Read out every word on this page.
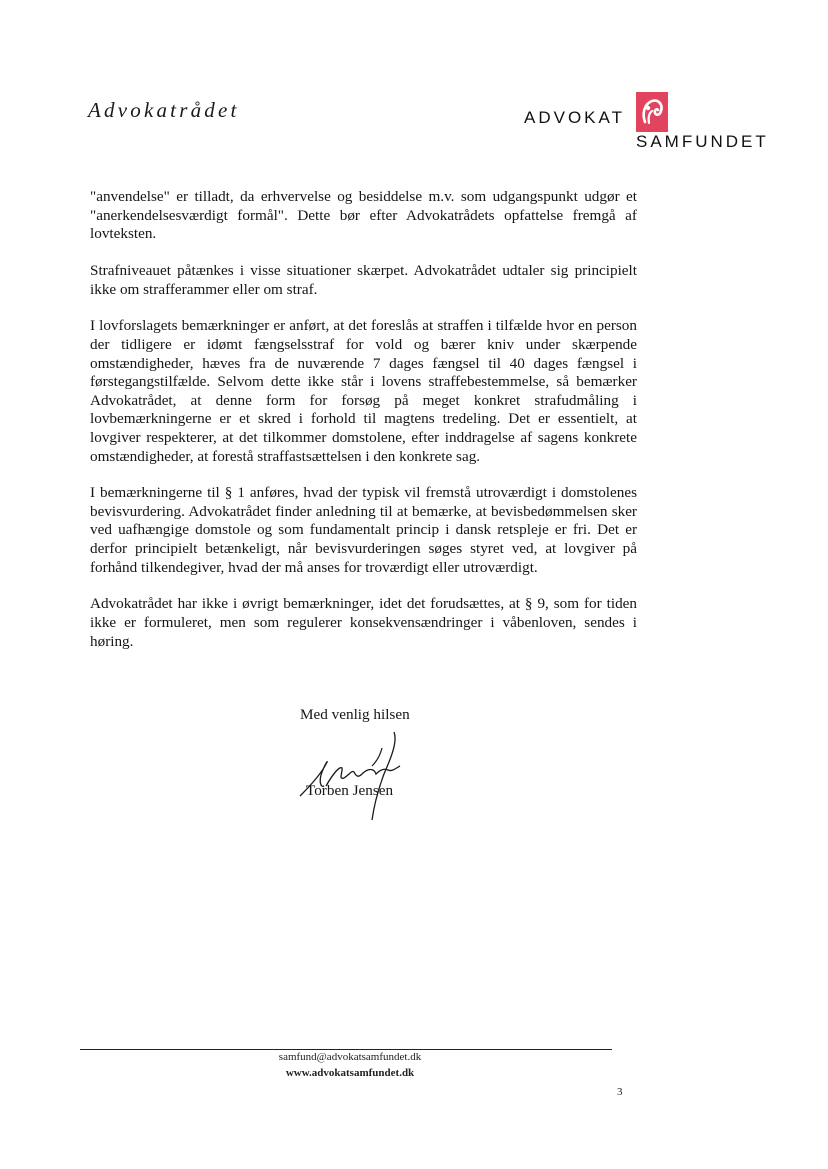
Advokatrådet	ADVOKAT
SAMFUNDET

"anvendelse" er tilladt, da erhvervelse og besiddelse m.v. som udgangspunkt udgør et "anerkendelsesværdigt formål". Dette bør efter Advokatrådets opfattelse fremgå af lovteksten.

Strafniveauet påtænkes i visse situationer skærpet. Advokatrådet udtaler sig principielt ikke om strafferammer eller om straf.

I lovforslagets bemærkninger er anført, at det foreslås at straffen i tilfælde hvor en person der tidligere er idømt fængselsstraf for vold og bærer kniv under skærpende omstændigheder, hæves fra de nuværende 7 dages fængsel til 40 dages fængsel i førstegangstilfælde. Selvom dette ikke står i lovens straffebestemmelse, så bemærker Advokatrådet, at denne form for forsøg på meget konkret strafudmåling i lovbemærkningerne er et skred i forhold til magtens tredeling. Det er essentielt, at lovgiver respekterer, at det tilkommer domstolene, efter inddragelse af sagens konkrete omstændigheder, at forestå straffastsættelsen i den konkrete sag.

I bemærkningerne til § 1 anføres, hvad der typisk vil fremstå utroværdigt i domstolenes bevisvurdering. Advokatrådet finder anledning til at bemærke, at bevisbedømmelsen sker ved uafhængige domstole og som fundamentalt princip i dansk retspleje er fri. Det er derfor principielt betænkeligt, når bevisvurderingen søges styret ved, at lovgiver på forhånd tilkendegiver, hvad der må anses for troværdigt eller utroværdigt.

Advokatrådet har ikke i øvrigt bemærkninger, idet det forudsættes, at § 9, som for tiden ikke er formuleret, men som regulerer konsekvensændringer i våbenloven, sendes i høring.

Med venlig hilsen
Torben Jensen
samfund@advokatsamfundet.dk
www.advokatsamfundet.dk
3
